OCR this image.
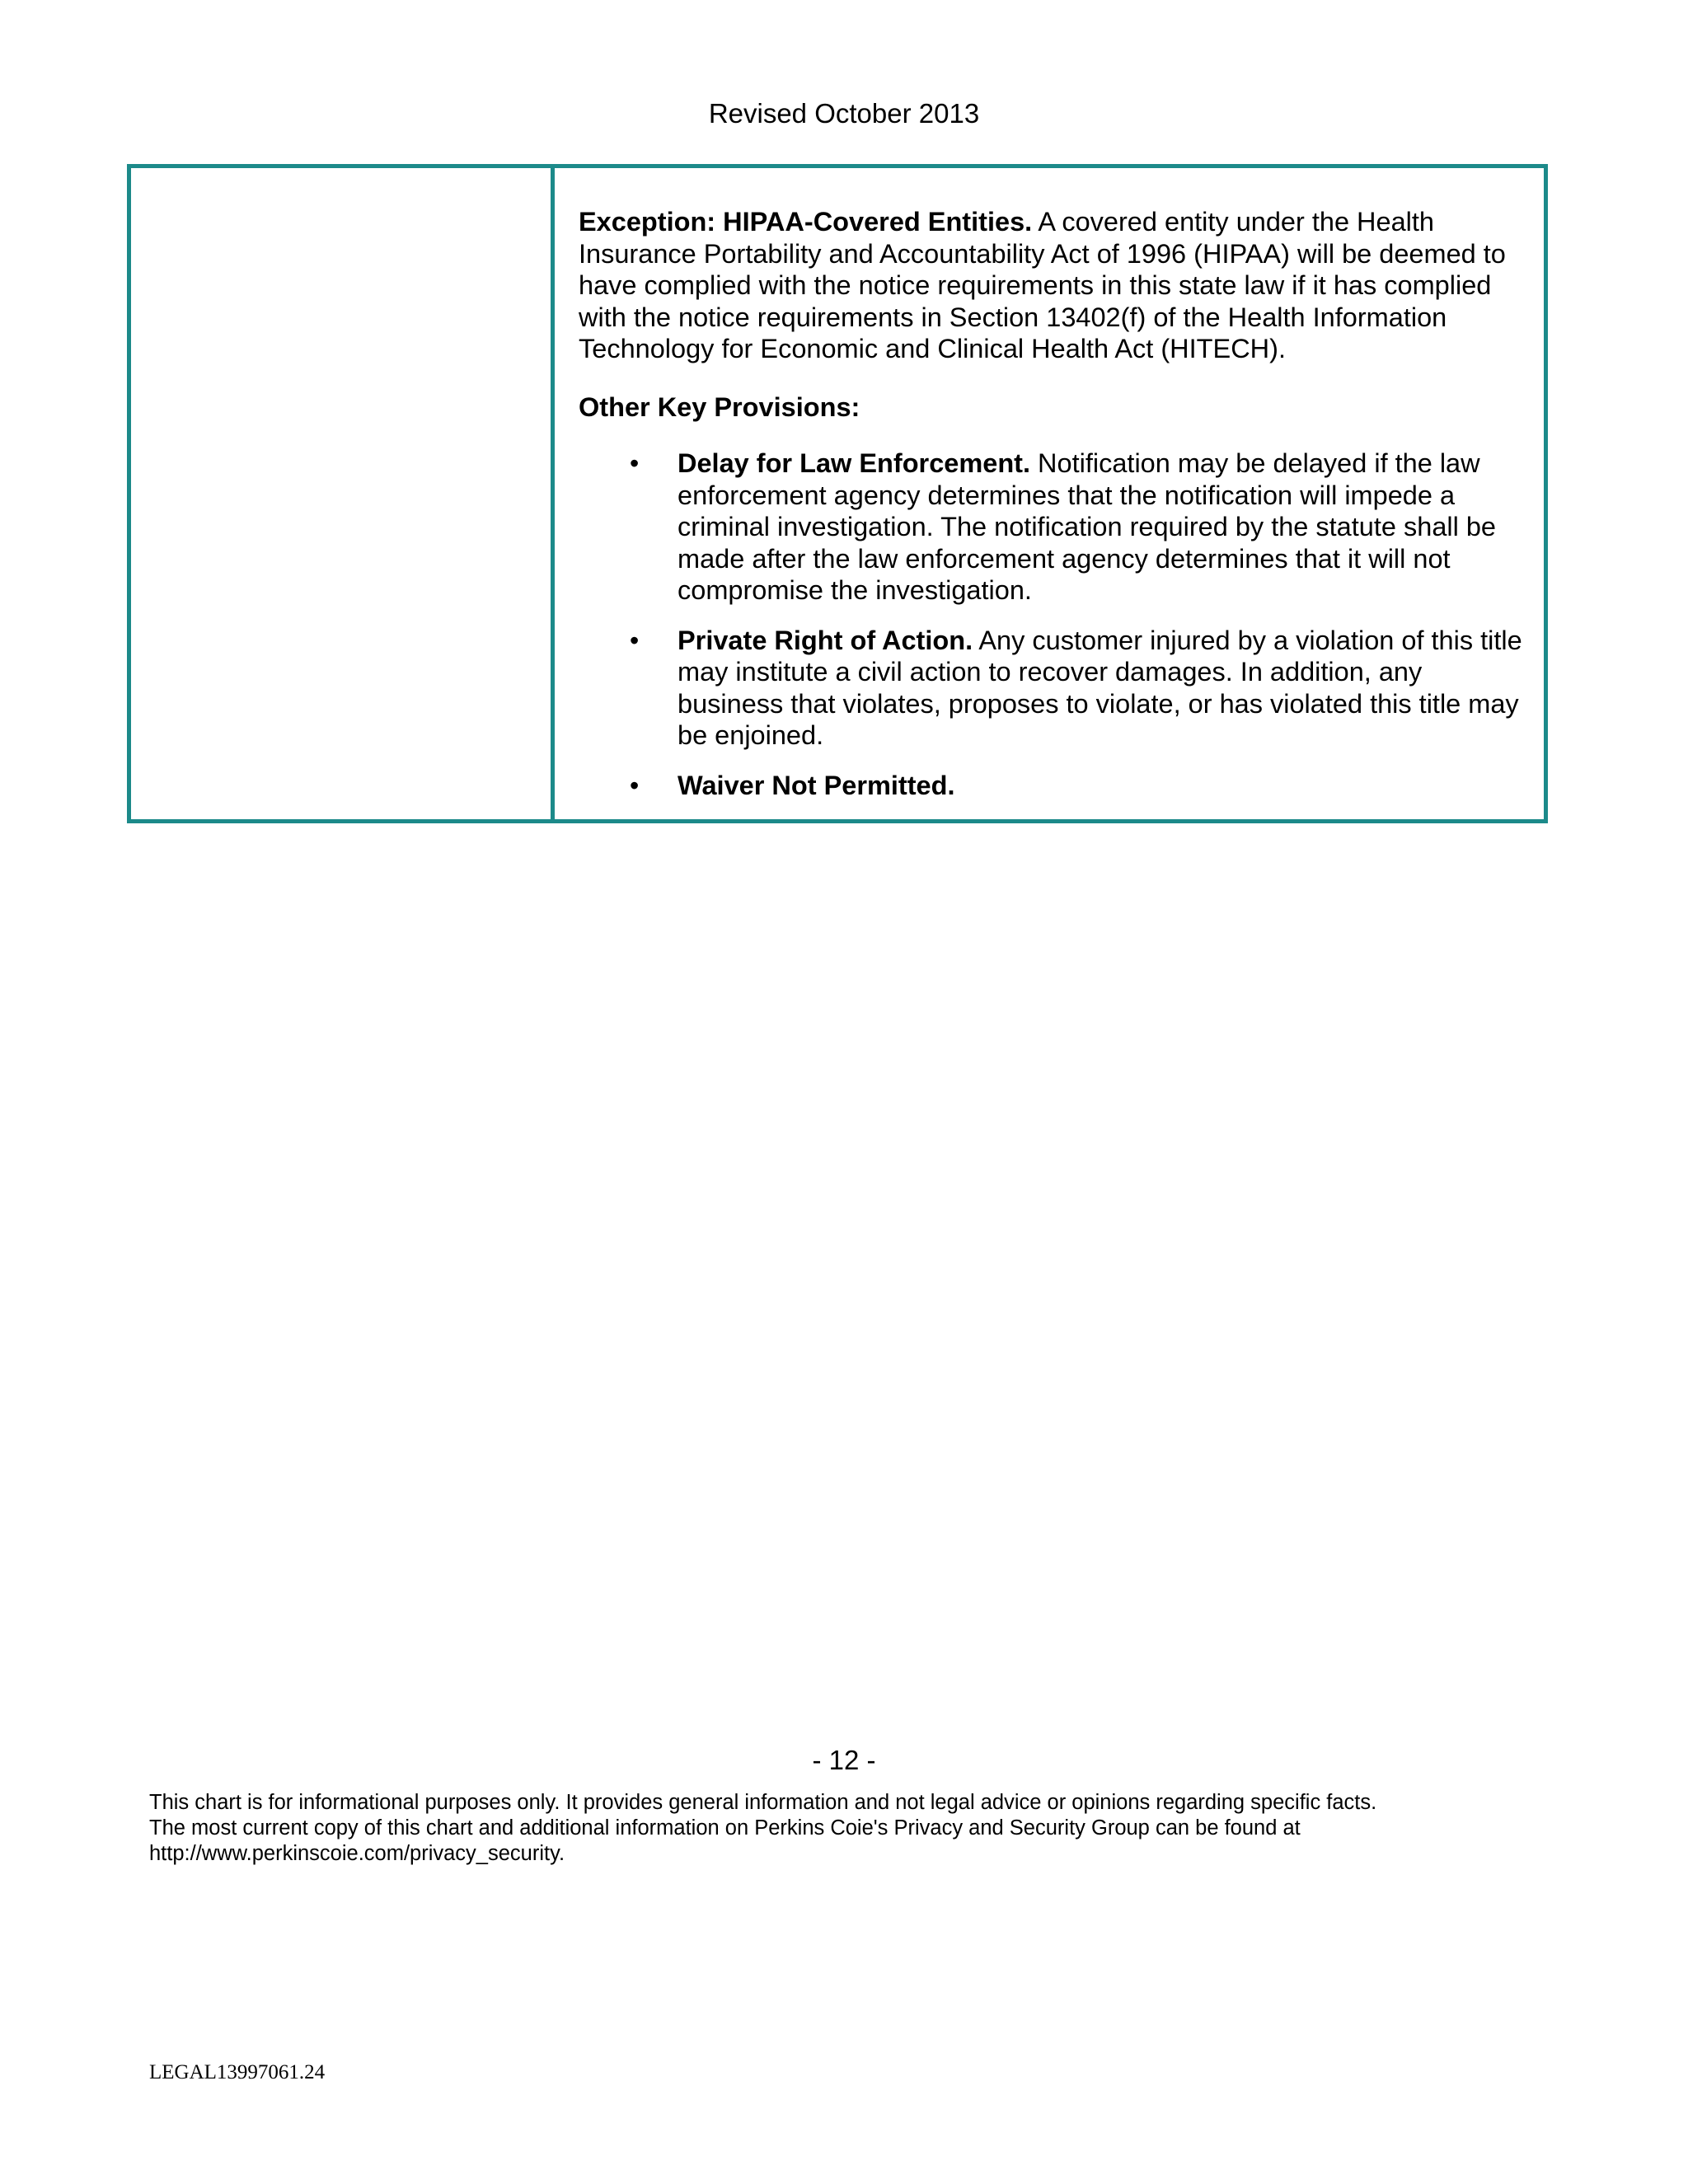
Revised October 2013

Exception: HIPAA-Covered Entities. A covered entity under the Health Insurance Portability and Accountability Act of 1996 (HIPAA) will be deemed to have complied with the notice requirements in this state law if it has complied with the notice requirements in Section 13402(f) of the Health Information Technology for Economic and Clinical Health Act (HITECH).

Other Key Provisions:

• Delay for Law Enforcement. Notification may be delayed if the law enforcement agency determines that the notification will impede a criminal investigation. The notification required by the statute shall be made after the law enforcement agency determines that it will not compromise the investigation.
• Private Right of Action. Any customer injured by a violation of this title may institute a civil action to recover damages. In addition, any business that violates, proposes to violate, or has violated this title may be enjoined.
• Waiver Not Permitted.
- 12 -
This chart is for informational purposes only. It provides general information and not legal advice or opinions regarding specific facts.
The most current copy of this chart and additional information on Perkins Coie's Privacy and Security Group can be found at
http://www.perkinscoie.com/privacy_security.
LEGAL13997061.24
